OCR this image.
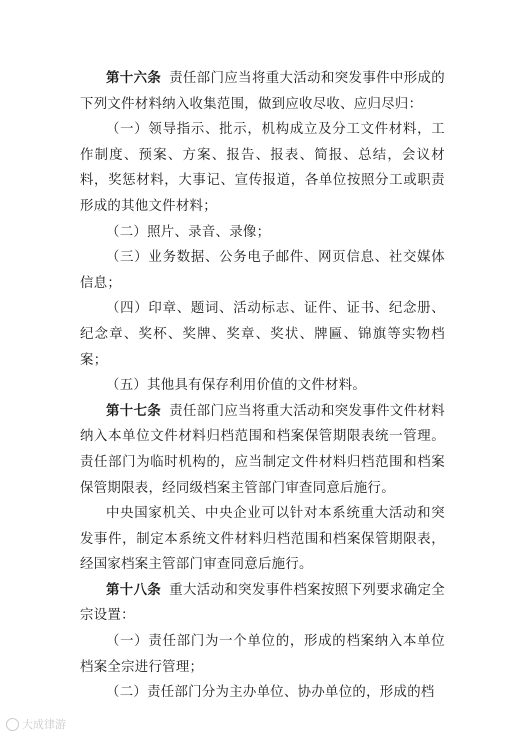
第十六条 责任部门应当将重大活动和突发事件中形成的下列文件材料纳入收集范围，做到应收尽收、应归尽归：

（一）领导指示、批示，机构成立及分工文件材料，工作制度、预案、方案、报告、报表、简报、总结，会议材料，奖惩材料，大事记、宣传报道，各单位按照分工或职责形成的其他文件材料；

（二）照片、录音、录像；

（三）业务数据、公务电子邮件、网页信息、社交媒体信息；

（四）印章、题词、活动标志、证件、证书、纪念册、纪念章、奖杯、奖牌、奖章、奖状、牌匾、锦旗等实物档案；

（五）其他具有保存利用价值的文件材料。

第十七条 责任部门应当将重大活动和突发事件文件材料纳入本单位文件材料归档范围和档案保管期限表统一管理。责任部门为临时机构的，应当制定文件材料归档范围和档案保管期限表，经同级档案主管部门审查同意后施行。

中央国家机关、中央企业可以针对本系统重大活动和突发事件，制定本系统文件材料归档范围和档案保管期限表，经国家档案主管部门审查同意后施行。

第十八条 重大活动和突发事件档案按照下列要求确定全宗设置：

（一）责任部门为一个单位的，形成的档案纳入本单位档案全宗进行管理；

（二）责任部门分为主办单位、协办单位的，形成的档

大成律游
